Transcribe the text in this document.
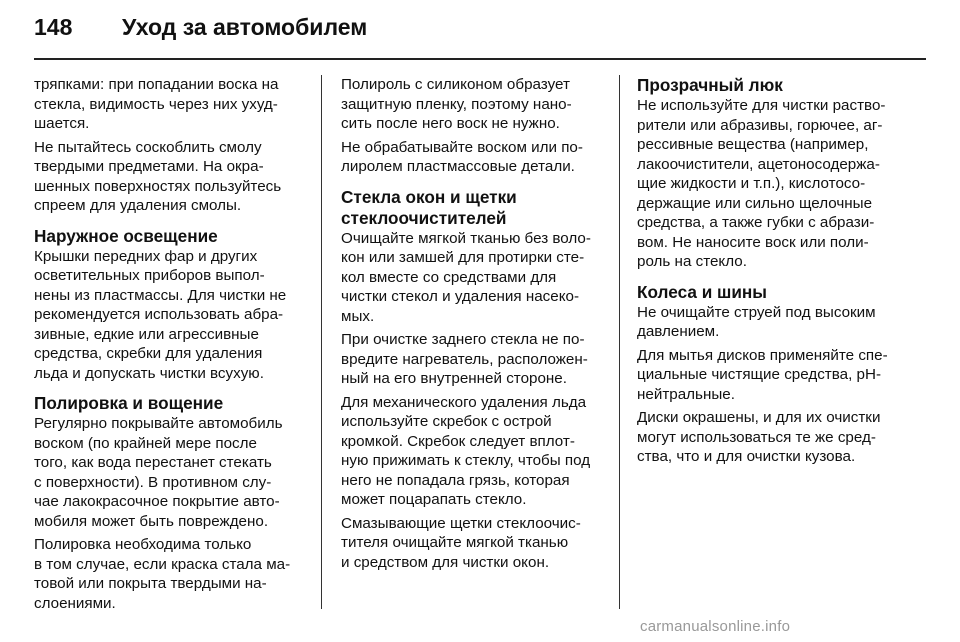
148	Уход за автомобилем
тряпками: при попадании воска на
стекла, видимость через них ухуд-
шается.
Не пытайтесь соскоблить смолу
твердыми предметами. На окра-
шенных поверхностях пользуйтесь
спреем для удаления смолы.
Наружное освещение
Крышки передних фар и других
осветительных приборов выпол-
нены из пластмассы. Для чистки не
рекомендуется использовать абра-
зивные, едкие или агрессивные
средства, скребки для удаления
льда и допускать чистки всухую.
Полировка и вощение
Регулярно покрывайте автомобиль
воском (по крайней мере после
того, как вода перестанет стекать
с поверхности). В противном слу-
чае лакокрасочное покрытие авто-
мобиля может быть повреждено.
Полировка необходима только
в том случае, если краска стала ма-
товой или покрыта твердыми на-
слоениями.
Полироль с силиконом образует
защитную пленку, поэтому нано-
сить после него воск не нужно.
Не обрабатывайте воском или по-
лиролем пластмассовые детали.
Стекла окон и щетки
стеклоочистителей
Очищайте мягкой тканью без воло-
кон или замшей для протирки сте-
кол вместе со средствами для
чистки стекол и удаления насеко-
мых.
При очистке заднего стекла не по-
вредите нагреватель, расположен-
ный на его внутренней стороне.
Для механического удаления льда
используйте скребок с острой
кромкой. Скребок следует вплот-
ную прижимать к стеклу, чтобы под
него не попадала грязь, которая
может поцарапать стекло.
Смазывающие щетки стеклоочис-
тителя очищайте мягкой тканью
и средством для чистки окон.
Прозрачный люк
Не используйте для чистки раство-
рители или абразивы, горючее, аг-
рессивные вещества (например,
лакоочистители, ацетоносодержа-
щие жидкости и т.п.), кислотосо-
держащие или сильно щелочные
средства, а также губки с абрази-
вом. Не наносите воск или поли-
роль на стекло.
Колеса и шины
Не очищайте струей под высоким
давлением.
Для мытья дисков применяйте спе-
циальные чистящие средства, pH-
нейтральные.
Диски окрашены, и для их очистки
могут использоваться те же сред-
ства, что и для очистки кузова.
carmanualsonline.info
